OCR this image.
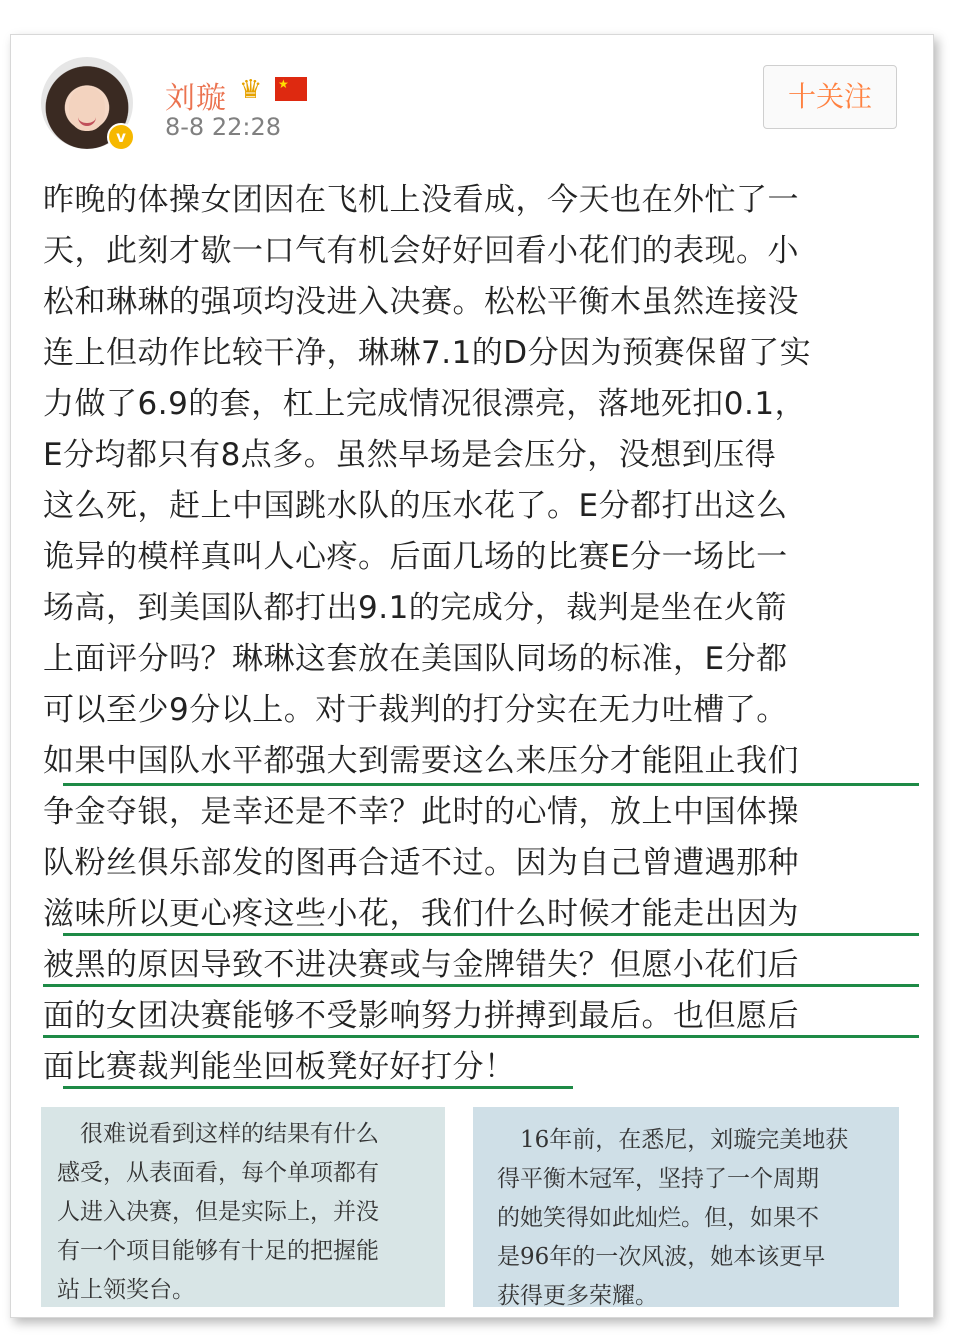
v
刘璇 ♛ ★
8-8 22:28
十关注
昨晚的体操女团因在飞机上没看成，今天也在外忙了一
天，此刻才歇一口气有机会好好回看小花们的表现。小
松和琳琳的强项均没进入决赛。松松平衡木虽然连接没
连上但动作比较干净，琳琳7.1的D分因为预赛保留了实
力做了6.9的套，杠上完成情况很漂亮，落地死扣0.1，
E分均都只有8点多。虽然早场是会压分，没想到压得
这么死，赶上中国跳水队的压水花了。E分都打出这么
诡异的模样真叫人心疼。后面几场的比赛E分一场比一
场高，到美国队都打出9.1的完成分，裁判是坐在火箭
上面评分吗？琳琳这套放在美国队同场的标准，E分都
可以至少9分以上。对于裁判的打分实在无力吐槽了。
如果中国队水平都强大到需要这么来压分才能阻止我们
争金夺银，是幸还是不幸？此时的心情，放上中国体操
队粉丝俱乐部发的图再合适不过。因为自己曾遭遇那种
滋味所以更心疼这些小花，我们什么时候才能走出因为
被黑的原因导致不进决赛或与金牌错失？但愿小花们后
面的女团决赛能够不受影响努力拼搏到最后。也但愿后
面比赛裁判能坐回板凳好好打分！
　很难说看到这样的结果有什么
感受，从表面看，每个单项都有
人进入决赛，但是实际上，并没
有一个项目能够有十足的把握能
站上领奖台。
　16年前，在悉尼，刘璇完美地获
得平衡木冠军，坚持了一个周期
的她笑得如此灿烂。但，如果不
是96年的一次风波，她本该更早
获得更多荣耀。
